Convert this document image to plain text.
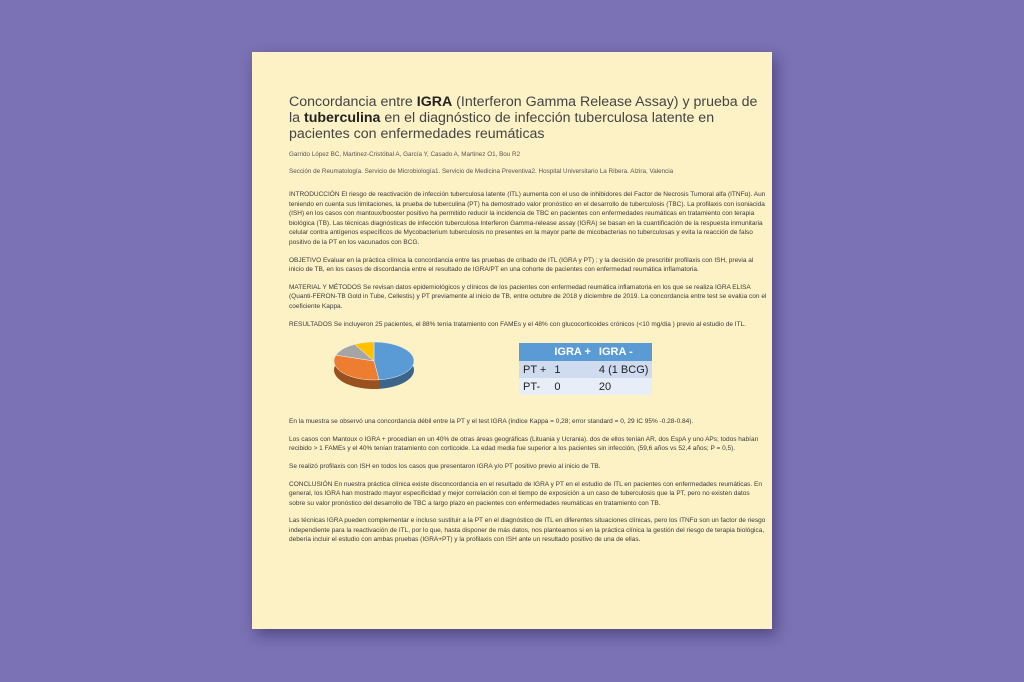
Concordancia entre IGRA (Interferon Gamma Release Assay) y prueba de la tuberculina en el diagnóstico de infección tuberculosa latente en pacientes con enfermedades reumáticas
Garrido López BC, Martinez-Cristóbal A, García Y, Casado A, Martinez O1, Bou R2
Sección de Reumatología. Servicio de Microbiología1. Servicio de Medicina Preventiva2. Hospital Universitario La Ribera. Alzira, Valencia

INTRODUCCIÓN El riesgo de reactivación de infección tuberculosa latente (ITL) aumenta con el uso de inhibidores del Factor de Necrosis Tumoral alfa (ITNFα). Aun teniendo en cuenta sus limitaciones, la prueba de tuberculina (PT) ha demostrado valor pronóstico en el desarrollo de tuberculosis (TBC). La profilaxis con isoniacida (ISH) en los casos con mantoux/booster positivo ha permitido reducir la incidencia de TBC en pacientes con enfermedades reumáticas en tratamiento con terapia biológica (TB). Las técnicas diagnósticas de infección tuberculosa Interferon Gamma-release assay (IGRA) se basan en la cuantificación de la respuesta inmunitaria celular contra antígenos específicos de Mycobacterium tuberculosis no presentes en la mayor parte de micobacterias no tuberculosas y evita la reacción de falso positivo de la PT en los vacunados con BCG.

OBJETIVO Evaluar en la práctica clínica la concordancia entre las pruebas de cribado de ITL (IGRA y PT) ; y la decisión de prescribir profilaxis con ISH, previa al inicio de TB, en los casos de discordancia entre el resultado de IGRA/PT en una cohorte de pacientes con enfermedad reumática inflamatoria.

MATERIAL Y MÉTODOS Se revisan datos epidemiológicos y clínicos de los pacientes con enfermedad reumática inflamatoria en los que se realiza IGRA ELISA (Quanti-FERON-TB Gold in Tube, Cellestis) y PT previamente al inicio de TB, entre octubre de 2018 y diciembre de 2019. La concordancia entre test se evalúa con el coeficiente Kappa.

RESULTADOS Se incluyeron 25 pacientes, el 88% tenía tratamiento con FAMEs y el 48% con glucocorticoides crónicos (<10 mg/dia ) previo al estudio de ITL.

	IGRA +	IGRA -
PT +	1	4 (1 BCG)
PT-	0	20

En la muestra se observó una concordancia débil entre la PT y el test IGRA (índice Kappa = 0,28; error standard = 0, 29 IC 95% -0.28-0.84).

Los casos con Mantoux o IGRA + procedían en un 40% de otras áreas geográficas (Lituania y Ucrania). dos de ellos tenían AR, dos EspA y uno APs; todos habían recibido > 1 FAMEs y el 40% tenían tratamiento con corticoide. La edad media fue superior a los pacientes sin infección, (59,6 años vs 52,4 años; P = 0,5).

Se realizó profilaxis con ISH en todos los casos que presentaron IGRA y/o PT positivo previo al inicio de TB.

CONCLUSIÓN En nuestra práctica clínica existe disconcordancia en el resultado de IGRA y PT en el estudio de ITL en pacientes con enfermedades reumáticas. En general, los IGRA han mostrado mayor especificidad y mejor correlación con el tiempo de exposición a un caso de tuberculosis que la PT, pero no existen datos sobre su valor pronóstico del desarrollo de TBC a largo plazo en pacientes con enfermedades reumáticas en tratamiento con TB.

Las técnicas IGRA pueden complementar e incluso sustituir a la PT en el diagnóstico de ITL en diferentes situaciones clínicas, pero los ITNFα son un factor de riesgo independiente para la reactivación de ITL, por lo que, hasta disponer de más datos, nos planteamos si en la práctica clínica la gestión del riesgo de terapia biológica, debería incluir el estudio con ambas pruebas (IGRA+PT) y la profilaxis con ISH ante un resultado positivo de una de ellas.
